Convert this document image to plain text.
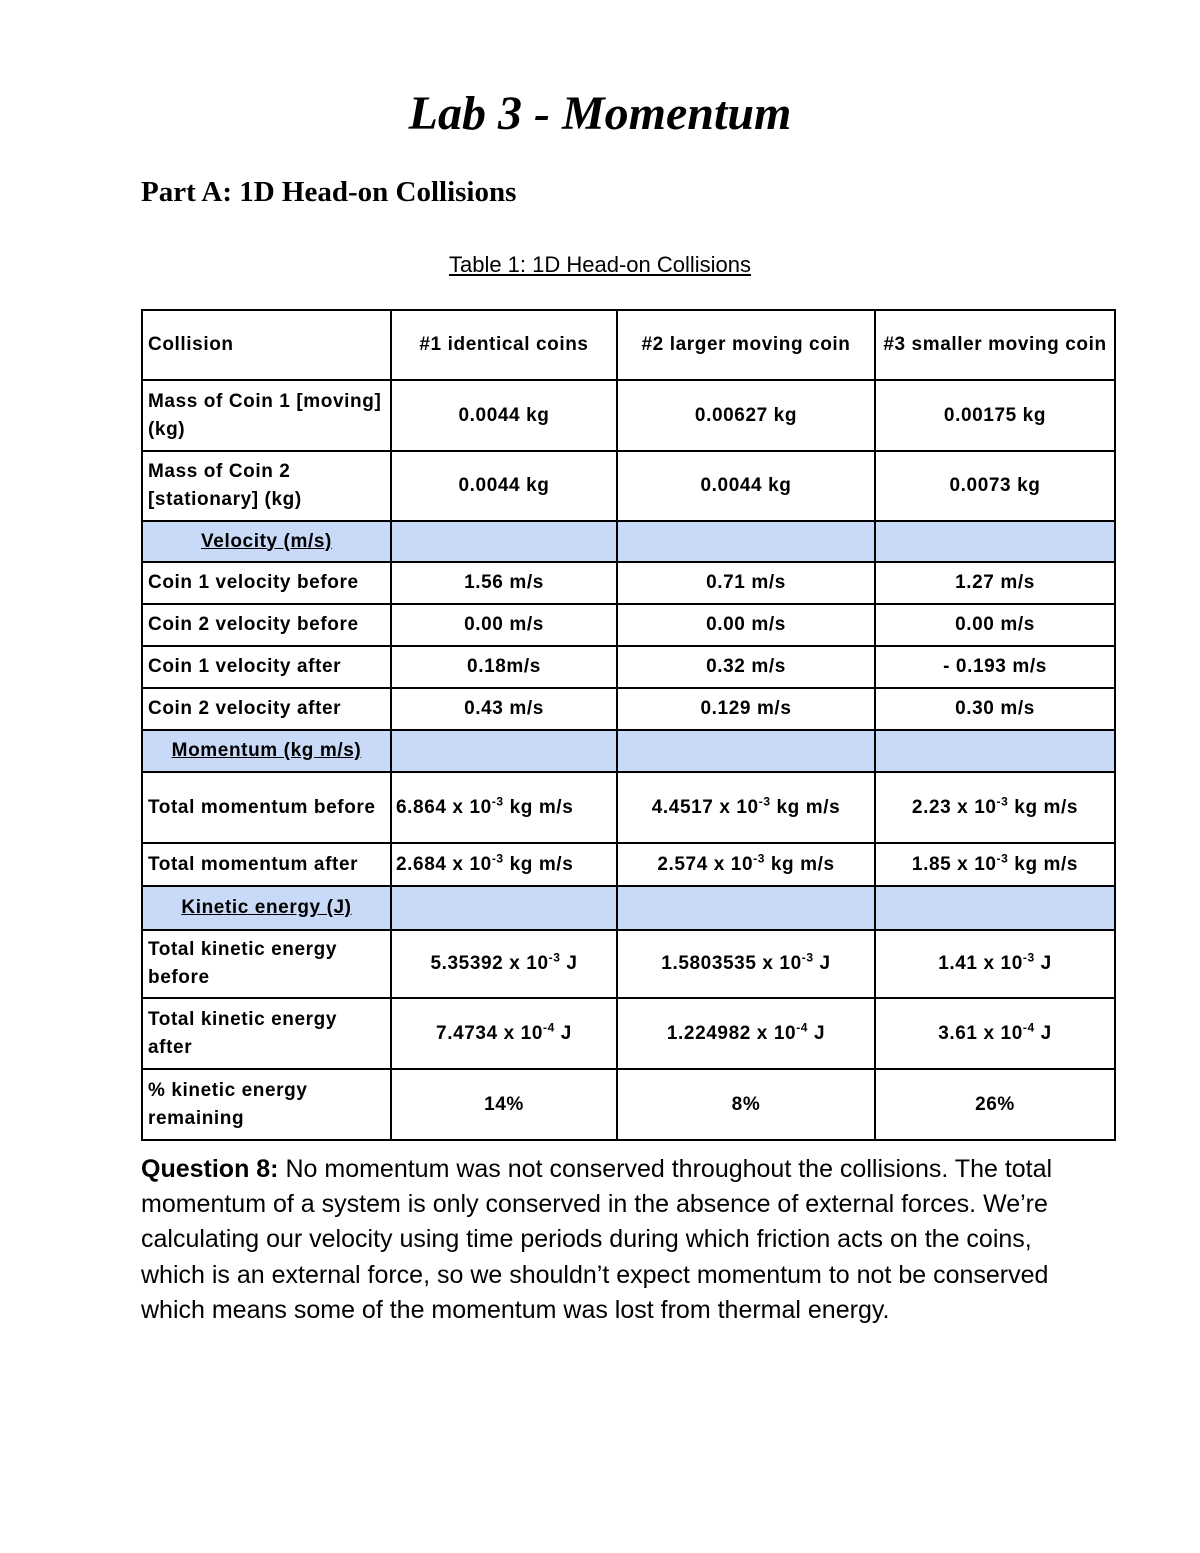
Lab 3 - Momentum
Part A: 1D Head-on Collisions
Table 1: 1D Head-on Collisions
Collision	#1 identical coins	#2 larger moving coin	#3 smaller moving coin
Mass of Coin 1 [moving] (kg)	0.0044 kg	0.00627 kg	0.00175 kg
Mass of Coin 2 [stationary] (kg)	0.0044 kg	0.0044 kg	0.0073 kg
Velocity (m/s)			
Coin 1 velocity before	1.56 m/s	0.71 m/s	1.27 m/s
Coin 2 velocity before	0.00 m/s	0.00 m/s	0.00 m/s
Coin 1 velocity after	0.18m/s	0.32 m/s	- 0.193 m/s
Coin 2 velocity after	0.43 m/s	0.129 m/s	0.30 m/s
Momentum (kg m/s)			
Total momentum before	6.864 x $10^{-3}$ kg m/s	4.4517 x $10^{-3}$ kg m/s	2.23 x $10^{-3}$ kg m/s
Total momentum after	2.684 x $10^{-3}$ kg m/s	2.574 x $10^{-3}$ kg m/s	1.85 x $10^{-3}$ kg m/s
Kinetic energy (J)			
Total kinetic energy before	5.35392 x $10^{-3}$ J	1.5803535 x $10^{-3}$ J	1.41 x $10^{-3}$ J
Total kinetic energy after	7.4734 x $10^{-4}$ J	1.224982 x $10^{-4}$ J	3.61 x $10^{-4}$ J
% kinetic energy remaining	14%	8%	26%

Question 8: No momentum was not conserved throughout the collisions. The total momentum of a system is only conserved in the absence of external forces. We’re calculating our velocity using time periods during which friction acts on the coins, which is an external force, so we shouldn’t expect momentum to not be conserved which means some of the momentum was lost from thermal energy.
